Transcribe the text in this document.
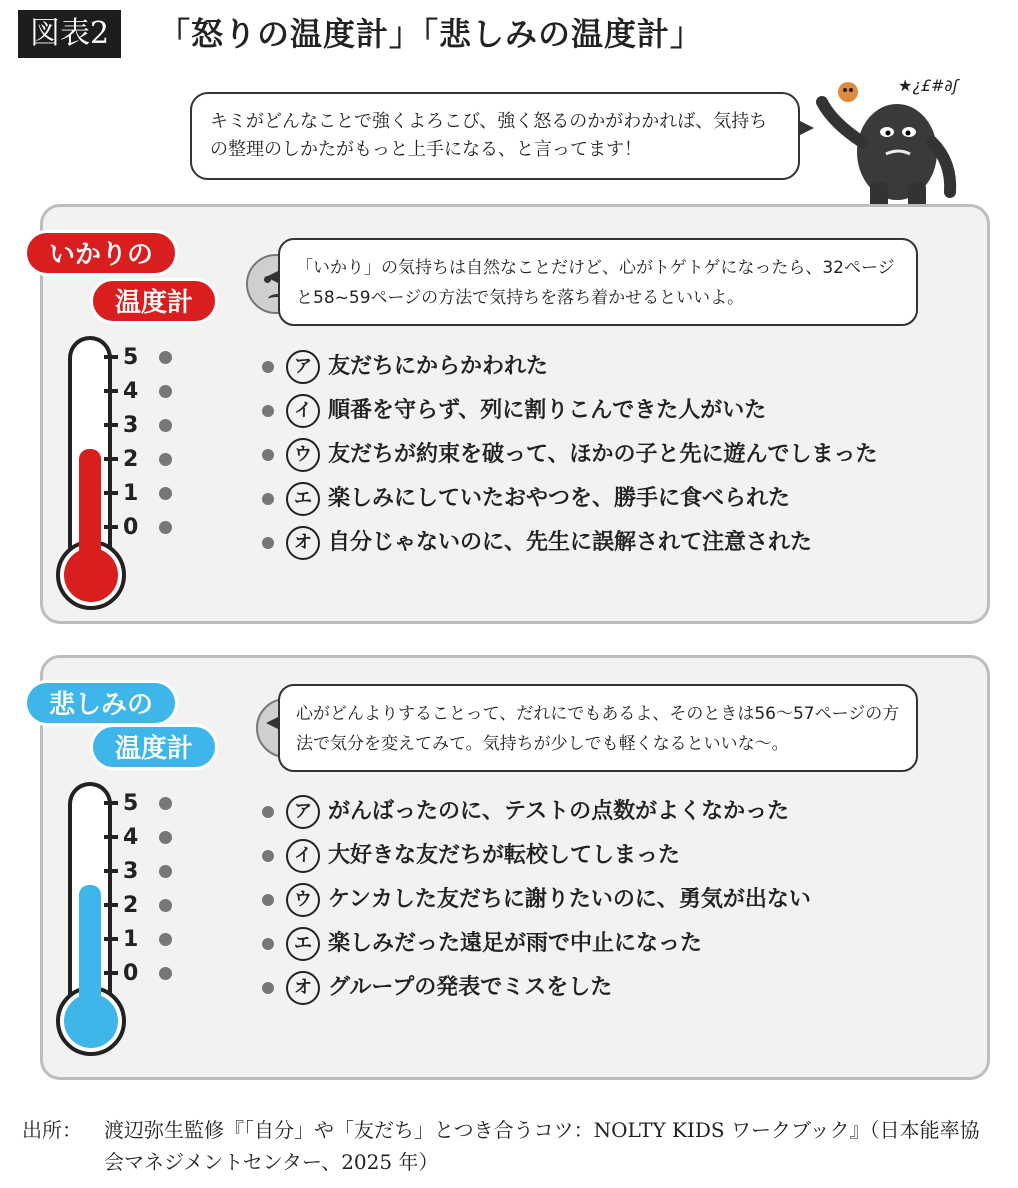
図表2	「怒りの温度計」「悲しみの温度計」
キミがどんなことで強くよろこび、強く怒るのかがわかれば、気持ちの整理のしかたがもっと上手になる、と言ってます！
★¿£#∂ʃ
いかりの
温度計
「いかり」の気持ちは自然なことだけど、心がトゲトゲになったら、32ページと58~59ページの方法で気持ちを落ち着かせるといいよ。
5
4
3
2
1
0
ア 友だちにからかわれた
イ 順番を守らず、列に割りこんできた人がいた
ウ 友だちが約束を破って、ほかの子と先に遊んでしまった
エ 楽しみにしていたおやつを、勝手に食べられた
オ 自分じゃないのに、先生に誤解されて注意された
悲しみの
温度計
心がどんよりすることって、だれにでもあるよ、そのときは56～57ページの方法で気分を変えてみて。気持ちが少しでも軽くなるといいな～。
5
4
3
2
1
0
ア がんばったのに、テストの点数がよくなかった
イ 大好きな友だちが転校してしまった
ウ ケンカした友だちに謝りたいのに、勇気が出ない
エ 楽しみだった遠足が雨で中止になった
オ グループの発表でミスをした
出所： 渡辺弥生監修『「自分」や「友だち」とつき合うコツ：NOLTY KIDS ワークブック』（日本能率協会マネジメントセンター、2025 年）
